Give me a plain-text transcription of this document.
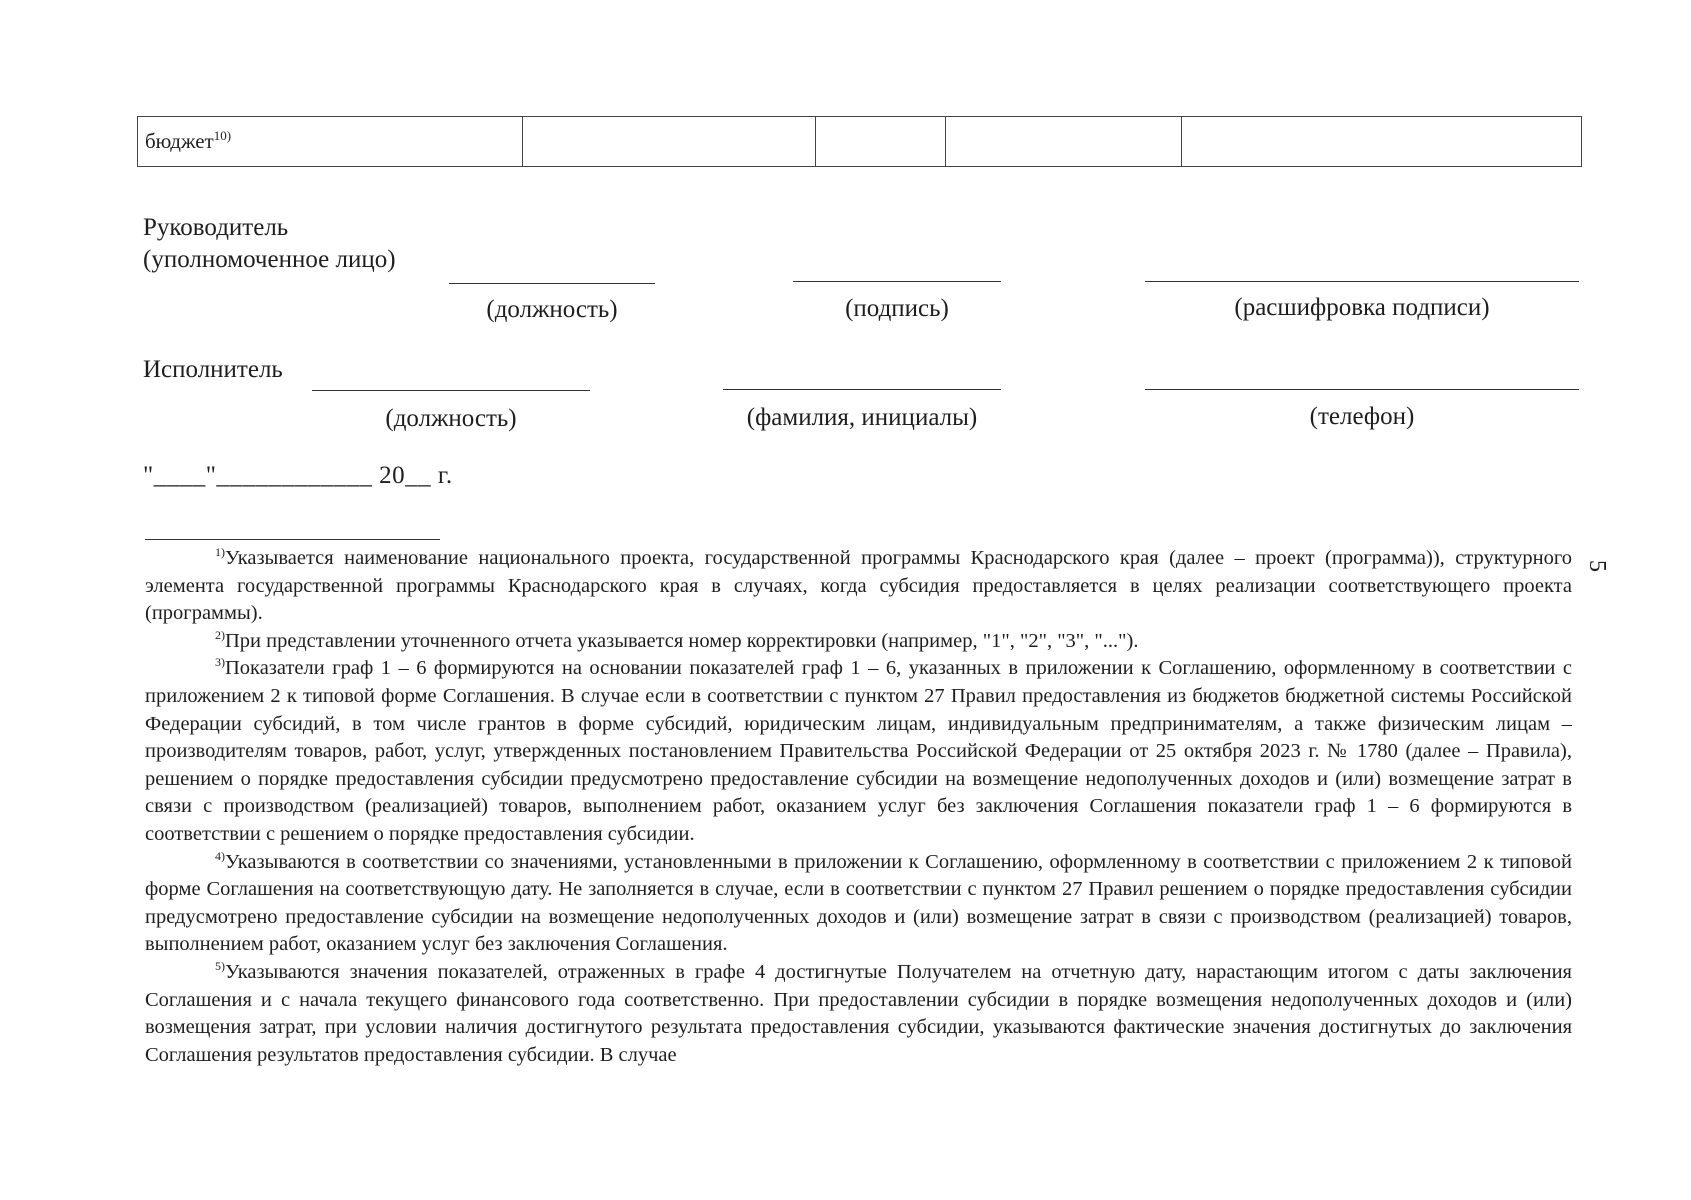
бюджет$^{10)}$
Руководитель
(уполномоченное лицо)
(должность)	(подпись)	(расшифровка подписи)
Исполнитель
(должность)	(фамилия, инициалы)	(телефон)
"____"____________ 20__ г.

$^{1)}$Указывается наименование национального проекта, государственной программы Краснодарского края (далее – проект (программа)), структурного элемента государственной программы Краснодарского края в случаях, когда субсидия предоставляется в целях реализации соответствующего проекта (программы).

$^{2)}$При представлении уточненного отчета указывается номер корректировки (например, "1", "2", "3", "...").

$^{3)}$Показатели граф 1 – 6 формируются на основании показателей граф 1 – 6, указанных в приложении к Соглашению, оформленному в соответствии с приложением 2 к типовой форме Соглашения. В случае если в соответствии с пунктом 27 Правил предоставления из бюджетов бюджетной системы Российской Федерации субсидий, в том числе грантов в форме субсидий, юридическим лицам, индивидуальным предпринимателям, а также физическим лицам – производителям товаров, работ, услуг, утвержденных постановлением Правительства Российской Федерации от 25 октября 2023 г. № 1780 (далее – Правила), решением о порядке предоставления субсидии предусмотрено предоставление субсидии на возмещение недополученных доходов и (или) возмещение затрат в связи с производством (реализацией) товаров, выполнением работ, оказанием услуг без заключения Соглашения показатели граф 1 – 6 формируются в соответствии с решением о порядке предоставления субсидии.

$^{4)}$Указываются в соответствии со значениями, установленными в приложении к Соглашению, оформленному в соответствии с приложением 2 к типовой форме Соглашения на соответствующую дату. Не заполняется в случае, если в соответствии с пунктом 27 Правил решением о порядке предоставления субсидии предусмотрено предоставление субсидии на возмещение недополученных доходов и (или) возмещение затрат в связи с производством (реализацией) товаров, выполнением работ, оказанием услуг без заключения Соглашения.

$^{5)}$Указываются значения показателей, отраженных в графе 4 достигнутые Получателем на отчетную дату, нарастающим итогом с даты заключения Соглашения и с начала текущего финансового года соответственно. При предоставлении субсидии в порядке возмещения недополученных доходов и (или) возмещения затрат, при условии наличия достигнутого результата предоставления субсидии, указываются фактические значения достигнутых до заключения Соглашения результатов предоставления субсидии. В случае

5
